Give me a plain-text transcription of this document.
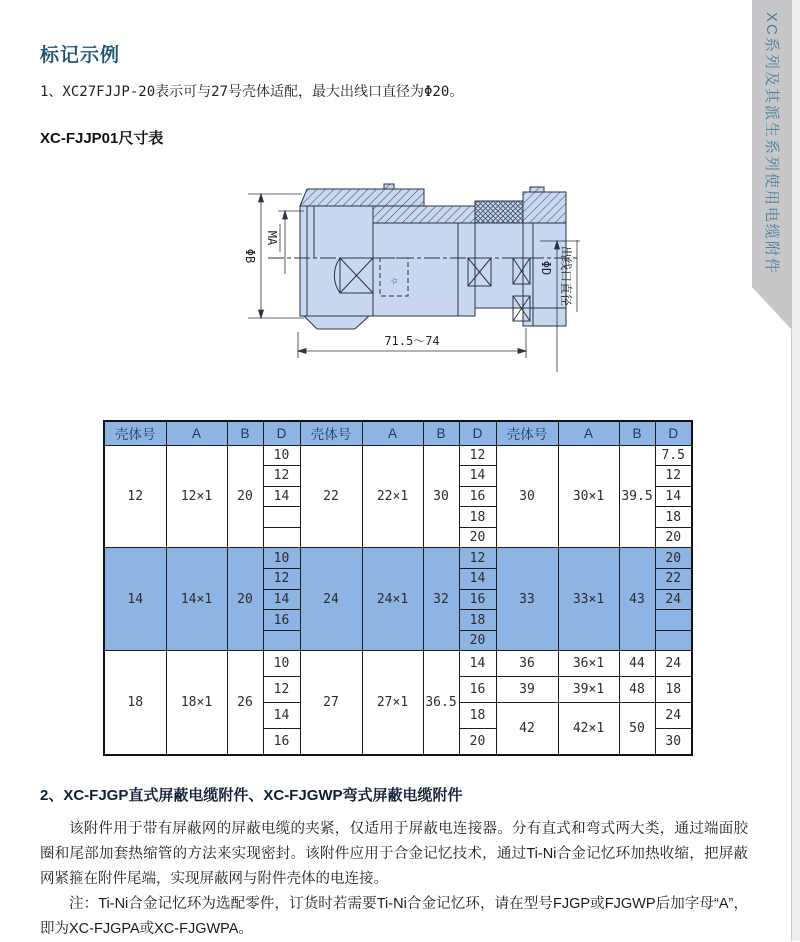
XC系列及其派生系列使用电缆附件
标记示例
1、XC27FJJP-20表示可与27号壳体适配，最大出线口直径为Φ20。
XC-FJJP01尺寸表
☆
ΦB
MA
ΦD 出线口直径
71.5～74
壳体号	A	B	D	壳体号	A	B	D	壳体号	A	B	D
12	12×1	20	10	22	22×1	30	12	30	30×1	39.5	7.5
			12				14				12
			14				16				14
							18				18
							20				20
14	14×1	20	10	24	24×1	32	12	33	33×1	43	20
			12				14				22
			14				16				24
			16				18				
							20				
18	18×1	26	10	27	27×1	36.5	14	36	36×1	44	24
			12				16	39	39×1	48	18
			14				18	42	42×1	50	24
			16				20				30
2、XC-FJGP直式屏蔽电缆附件、XC-FJGWP弯式屏蔽电缆附件

该附件用于带有屏蔽网的屏蔽电缆的夹紧，仅适用于屏蔽电连接器。分有直式和弯式两大类，通过端面胶圈和尾部加套热缩管的方法来实现密封。该附件应用于合金记忆技术，通过Ti-Ni合金记忆环加热收缩，把屏蔽网紧箍在附件尾端，实现屏蔽网与附件壳体的电连接。

注：Ti-Ni合金记忆环为选配零件，订货时若需要Ti-Ni合金记忆环，请在型号FJGP或FJGWP后加字母“A”，即为XC-FJGPA或XC-FJGWPA。
